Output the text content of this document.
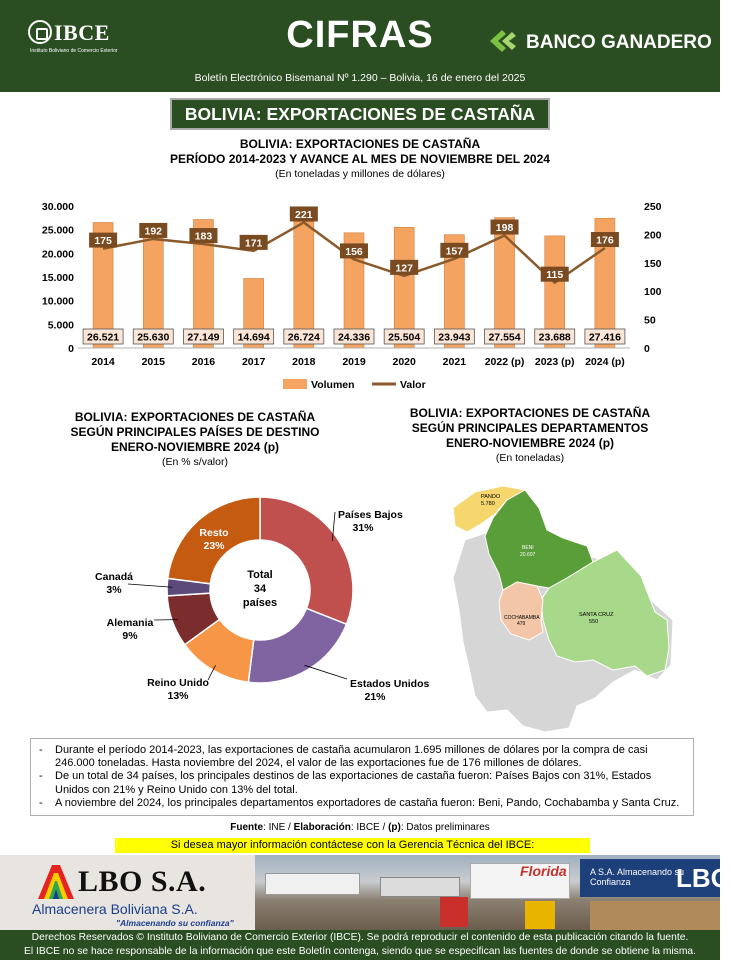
IBCE
Instituto Boliviano de Comercio Exterior	CIFRAS	BANCO GANADERO
Boletín Electrónico Bisemanal Nº 1.290 – Bolivia, 16 de enero del 2025
BOLIVIA: EXPORTACIONES DE CASTAÑA
BOLIVIA: EXPORTACIONES DE CASTAÑA
PERÍODO 2014-2023 Y AVANCE AL MES DE NOVIEMBRE DEL 2024
(En toneladas y millones de dólares)
0
5.000
10.000
15.000
20.000
25.000
30.000
0
50
100
150
200
250
26.521 25.630 27.149 14.694 26.724 24.336 25.504 23.943 27.554 23.688 27.416
175
192	183
171
221
156
127
157
198
115
176
2014	2015	2016	2017	2018	2019	2020	2021 2022 (p) 2023 (p) 2024 (p)
Volumen	Valor
BOLIVIA: EXPORTACIONES DE CASTAÑA
SEGÚN PRINCIPALES PAÍSES DE DESTINO
ENERO-NOVIEMBRE 2024 (p)
(En % s/valor)
Total
34
países
Países Bajos
31%
Estados Unidos
21%
Reino Unido
13%
Alemania
9%
Canadá
3%
Resto
23%
BOLIVIA: EXPORTACIONES DE CASTAÑA
SEGÚN PRINCIPALES DEPARTAMENTOS
ENERO-NOVIEMBRE 2024 (p)
(En toneladas)
PANDO
5.780
BENI
20.607
COCHABAMBA
479
SANTA CRUZ
550
- Durante el período 2014-2023, las exportaciones de castaña acumularon 1.695 millones de dólares por la compra de casi 246.000 toneladas. Hasta noviembre del 2024, el valor de las exportaciones fue de 176 millones de dólares.
- De un total de 34 países, los principales destinos de las exportaciones de castaña fueron: Países Bajos con 31%, Estados Unidos con 21% y Reino Unido con 13% del total.
- A noviembre del 2024, los principales departamentos exportadores de castaña fueron: Beni, Pando, Cochabamba y Santa Cruz.
Fuente: INE / Elaboración: IBCE / (p): Datos preliminares
Si desea mayor información contáctese con la Gerencia Técnica del IBCE:
Florida	A S.A. Almacenando su Confianza	LBO
LBO S.A.
Almacenera Boliviana S.A.
"Almacenando su confianza"
Derechos Reservados © Instituto Boliviano de Comercio Exterior (IBCE). Se podrá reproducir el contenido de esta publicación citando la fuente.
El IBCE no se hace responsable de la información que este Boletín contenga, siendo que se especifican las fuentes de donde se obtiene la misma.
